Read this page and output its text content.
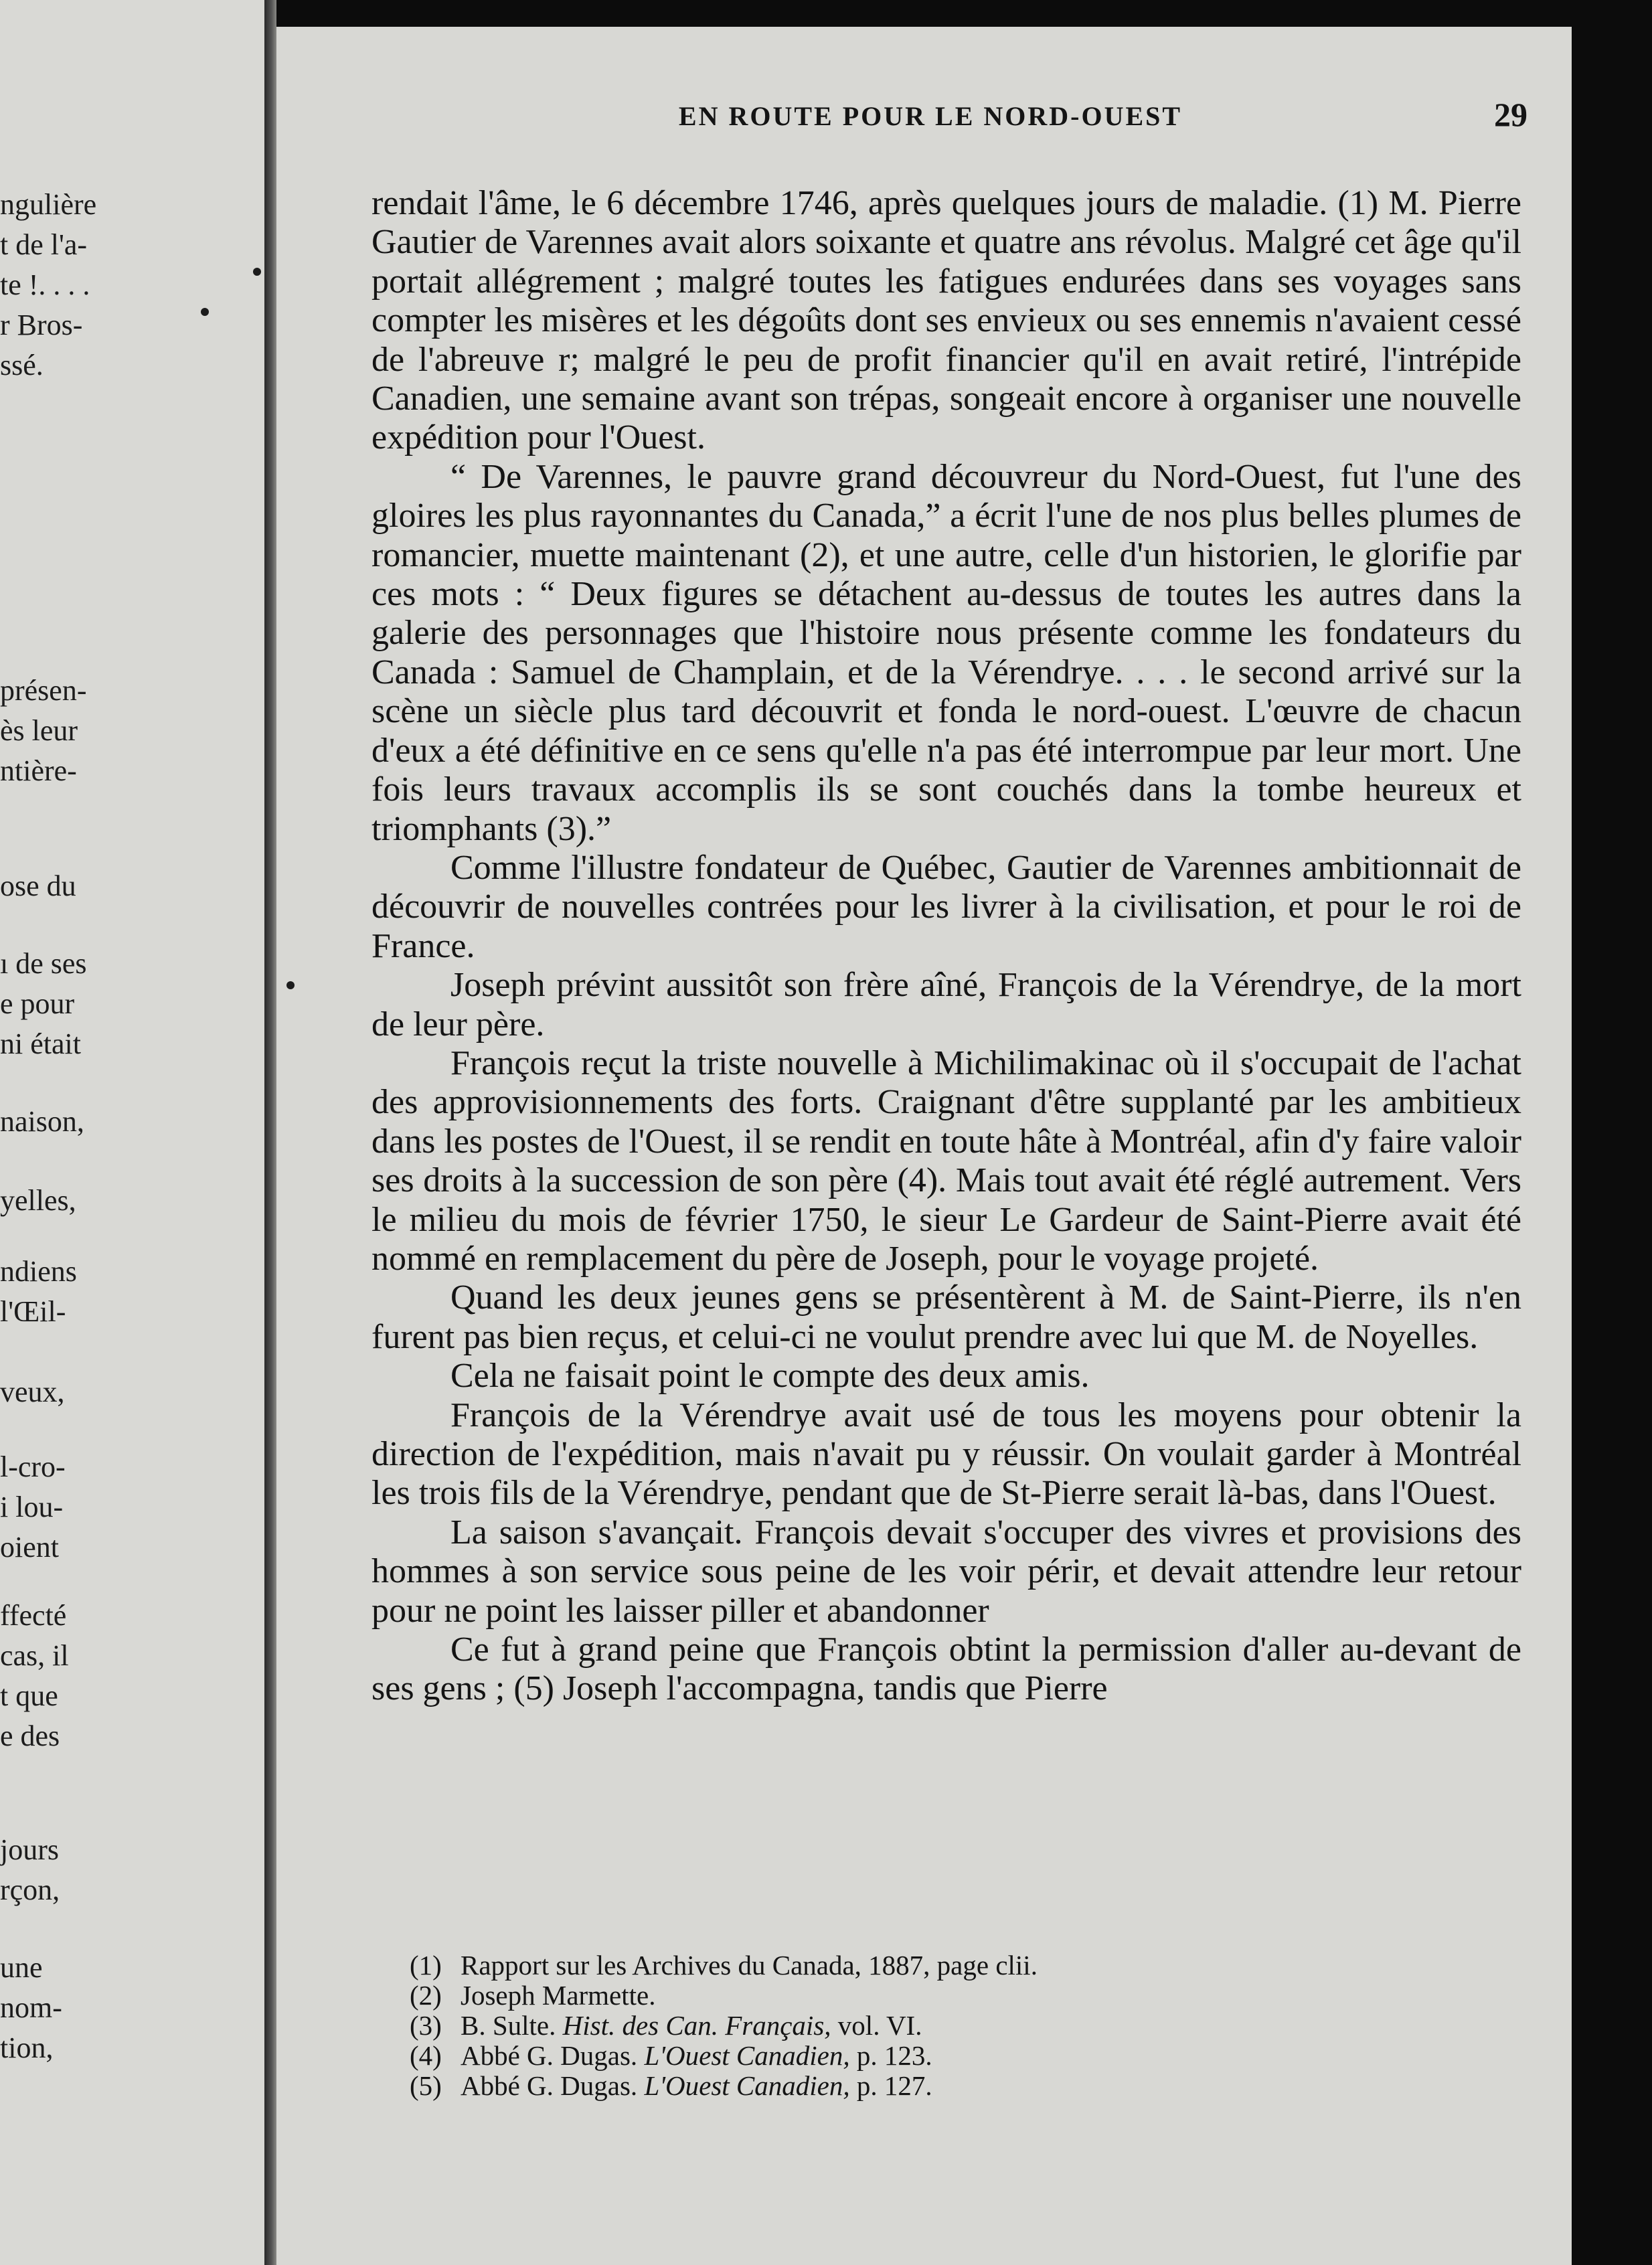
ngulière
t de l'a-
te !. . . .
r Bros-
ssé.
présen-
ès leur
ntière-
ose du
ı de ses
e pour
ni était
naison,
yelles,
ndiens
l'Œil-
veux,
l-cro-
i lou-
oient
ffecté
cas, il
t que
e des
jours
rçon,
une
nom-
tion,
EN ROUTE POUR LE NORD-OUEST	29

rendait l'âme, le 6 décembre 1746, après quelques jours de maladie. (1) M. Pierre Gautier de Varennes avait alors soixante et quatre ans révolus. Malgré cet âge qu'il portait allégrement ; malgré toutes les fatigues endurées dans ses voyages sans compter les misères et les dégoûts dont ses envieux ou ses ennemis n'avaient cessé de l'abreuve r; malgré le peu de profit financier qu'il en avait retiré, l'intrépide Canadien, une semaine avant son trépas, songeait encore à organiser une nouvelle expédition pour l'Ouest.

“ De Varennes, le pauvre grand découvreur du Nord-Ouest, fut l'une des gloires les plus rayonnantes du Canada,” a écrit l'une de nos plus belles plumes de romancier, muette maintenant (2), et une autre, celle d'un historien, le glorifie par ces mots : “ Deux figures se détachent au-dessus de toutes les autres dans la galerie des personnages que l'histoire nous présente comme les fondateurs du Canada : Samuel de Champlain, et de la Vérendrye. . . . le second arrivé sur la scène un siècle plus tard découvrit et fonda le nord-ouest. L'œuvre de chacun d'eux a été définitive en ce sens qu'elle n'a pas été interrompue par leur mort. Une fois leurs travaux accomplis ils se sont couchés dans la tombe heureux et triomphants (3).”

Comme l'illustre fondateur de Québec, Gautier de Varennes ambitionnait de découvrir de nouvelles contrées pour les livrer à la civilisation, et pour le roi de France.

Joseph prévint aussitôt son frère aîné, François de la Vérendrye, de la mort de leur père.

François reçut la triste nouvelle à Michilimakinac où il s'occupait de l'achat des approvisionnements des forts. Craignant d'être supplanté par les ambitieux dans les postes de l'Ouest, il se rendit en toute hâte à Montréal, afin d'y faire valoir ses droits à la succession de son père (4). Mais tout avait été réglé autrement. Vers le milieu du mois de février 1750, le sieur Le Gardeur de Saint-Pierre avait été nommé en remplacement du père de Joseph, pour le voyage projeté.

Quand les deux jeunes gens se présentèrent à M. de Saint-Pierre, ils n'en furent pas bien reçus, et celui-ci ne voulut prendre avec lui que M. de Noyelles.

Cela ne faisait point le compte des deux amis.

François de la Vérendrye avait usé de tous les moyens pour obtenir la direction de l'expédition, mais n'avait pu y réussir. On voulait garder à Montréal les trois fils de la Vérendrye, pendant que de St-Pierre serait là-bas, dans l'Ouest.

La saison s'avançait. François devait s'occuper des vivres et provisions des hommes à son service sous peine de les voir périr, et devait attendre leur retour pour ne point les laisser piller et abandonner

Ce fut à grand peine que François obtint la permission d'aller au-devant de ses gens ; (5) Joseph l'accompagna, tandis que Pierre

(1) Rapport sur les Archives du Canada, 1887, page clii.

(2) Joseph Marmette.

(3) B. Sulte. Hist. des Can. Français, vol. VI.

(4) Abbé G. Dugas. L'Ouest Canadien, p. 123.

(5) Abbé G. Dugas. L'Ouest Canadien, p. 127.
